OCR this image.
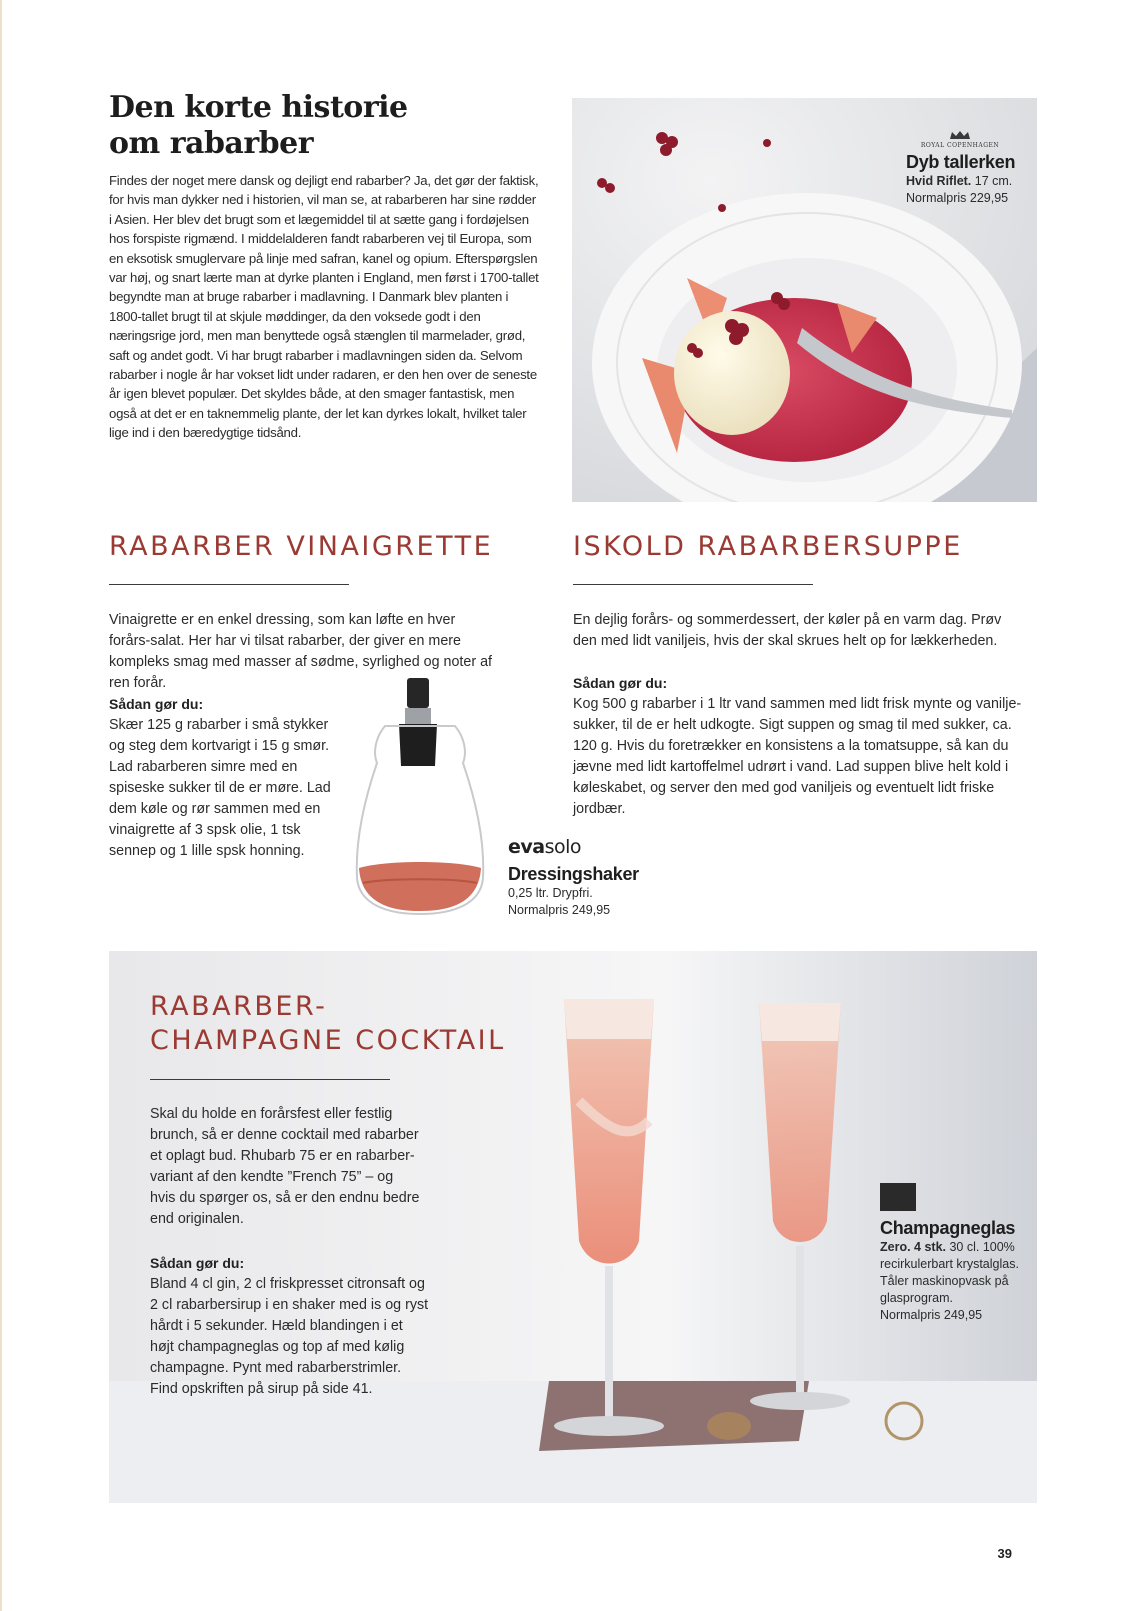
Den korte historie
om rabarber

Findes der noget mere dansk og dejligt end rabarber? Ja, det gør der faktisk, for hvis man dykker ned i historien, vil man se, at rabarberen har sine rødder i Asien. Her blev det brugt som et lægemiddel til at sætte gang i fordøjelsen hos forspiste rigmænd. I middelalderen fandt rabarberen vej til Europa, som en eksotisk smuglervare på linje med safran, kanel og opium. Efterspørgslen var høj, og snart lærte man at dyrke planten i England, men først i 1700-tallet begyndte man at bruge rabarber i madlavning. I Danmark blev planten i 1800-tallet brugt til at skjule møddinger, da den voksede godt i den næringsrige jord, men man benyttede også stænglen til marmelader, grød, saft og andet godt. Vi har brugt rabarber i madlavningen siden da. Selvom rabarber i nogle år har vokset lidt under radaren, er den hen over de seneste år igen blevet populær. Det skyldes både, at den smager fantastisk, men også at det er en taknemmelig plante, der let kan dyrkes lokalt, hvilket taler lige ind i den bæredygtige tidsånd.

ROYAL COPENHAGEN

Dyb tallerken

Hvid Riflet. 17 cm.

Normalpris 229,95

RABARBER VINAIGRETTE

Vinaigrette er en enkel dressing, som kan løfte en hver forårs-salat. Her har vi tilsat rabarber, der giver en mere kompleks smag med masser af sødme, syrlighed og noter af ren forår.

Sådan gør du:

Skær 125 g rabarber i små stykker og steg dem kortvarigt i 15 g smør. Lad rabarberen simre med en spiseske sukker til de er møre. Lad dem køle og rør sammen med en vinaigrette af 3 spsk olie, 1 tsk sennep og 1 lille spsk honning.	evasolo

Dressingshaker

0,25 ltr. Drypfri.

Normalpris 249,95

ISKOLD RABARBERSUPPE

En dejlig forårs- og sommerdessert, der køler på en varm dag. Prøv den med lidt vaniljeis, hvis der skal skrues helt op for lækkerheden.

Sådan gør du:

Kog 500 g rabarber i 1 ltr vand sammen med lidt frisk mynte og vanilje-sukker, til de er helt udkogte. Sigt suppen og smag til med sukker, ca. 120 g. Hvis du foretrækker en konsistens a la tomatsuppe, så kan du jævne med lidt kartoffelmel udrørt i vand. Lad suppen blive helt kold i køleskabet, og server den med god vaniljeis og eventuelt lidt friske jordbær.

RABARBER-
CHAMPAGNE COCKTAIL

Skal du holde en forårsfest eller festlig brunch, så er denne cocktail med rabarber et oplagt bud. Rhubarb 75 er en rabarber-variant af den kendte ”French 75” – og hvis du spørger os, så er den endnu bedre end originalen.

Sådan gør du:

Bland 4 cl gin, 2 cl friskpresset citronsaft og 2 cl rabarbersirup i en shaker med is og ryst hårdt i 5 sekunder. Hæld blandingen i et højt champagneglas og top af med kølig champagne. Pynt med rabarberstrimler. Find opskriften på sirup på side 41.

Champagneglas

Zero. 4 stk. 30 cl. 100% recirkulerbart krystalglas. Tåler maskinopvask på glasprogram.

Normalpris 249,95

39
